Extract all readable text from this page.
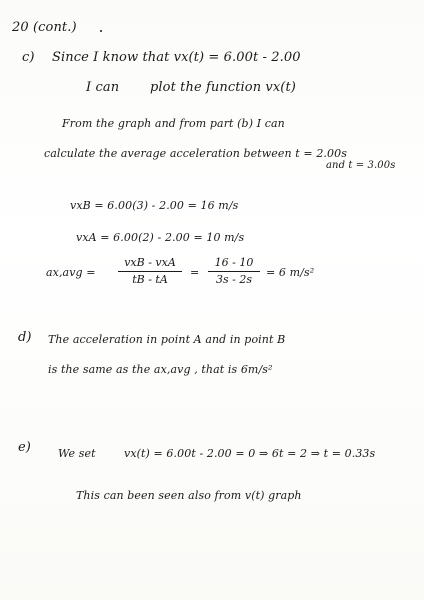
20 (cont.)
c) Since I know that vx(t) = 6.00t - 2.00
I can plot the function vx(t)
From the graph and from part (b) I can
calculate the average acceleration between t = 2.00s
and t = 3.00s
vxB = 6.00(3) - 2.00 = 16 m/s
vxA = 6.00(2) - 2.00 = 10 m/s
ax,avg =
vxB - vxA
tB - tA
=
16 - 10
3s - 2s
= 6 m/s²
d) The acceleration in point A and in point B
is the same as the ax,avg , that is 6m/s²
e) We set	vx(t) = 6.00t - 2.00 = 0 ⇒ 6t = 2 ⇒ t = 0.33s
This can been seen also from v(t) graph
